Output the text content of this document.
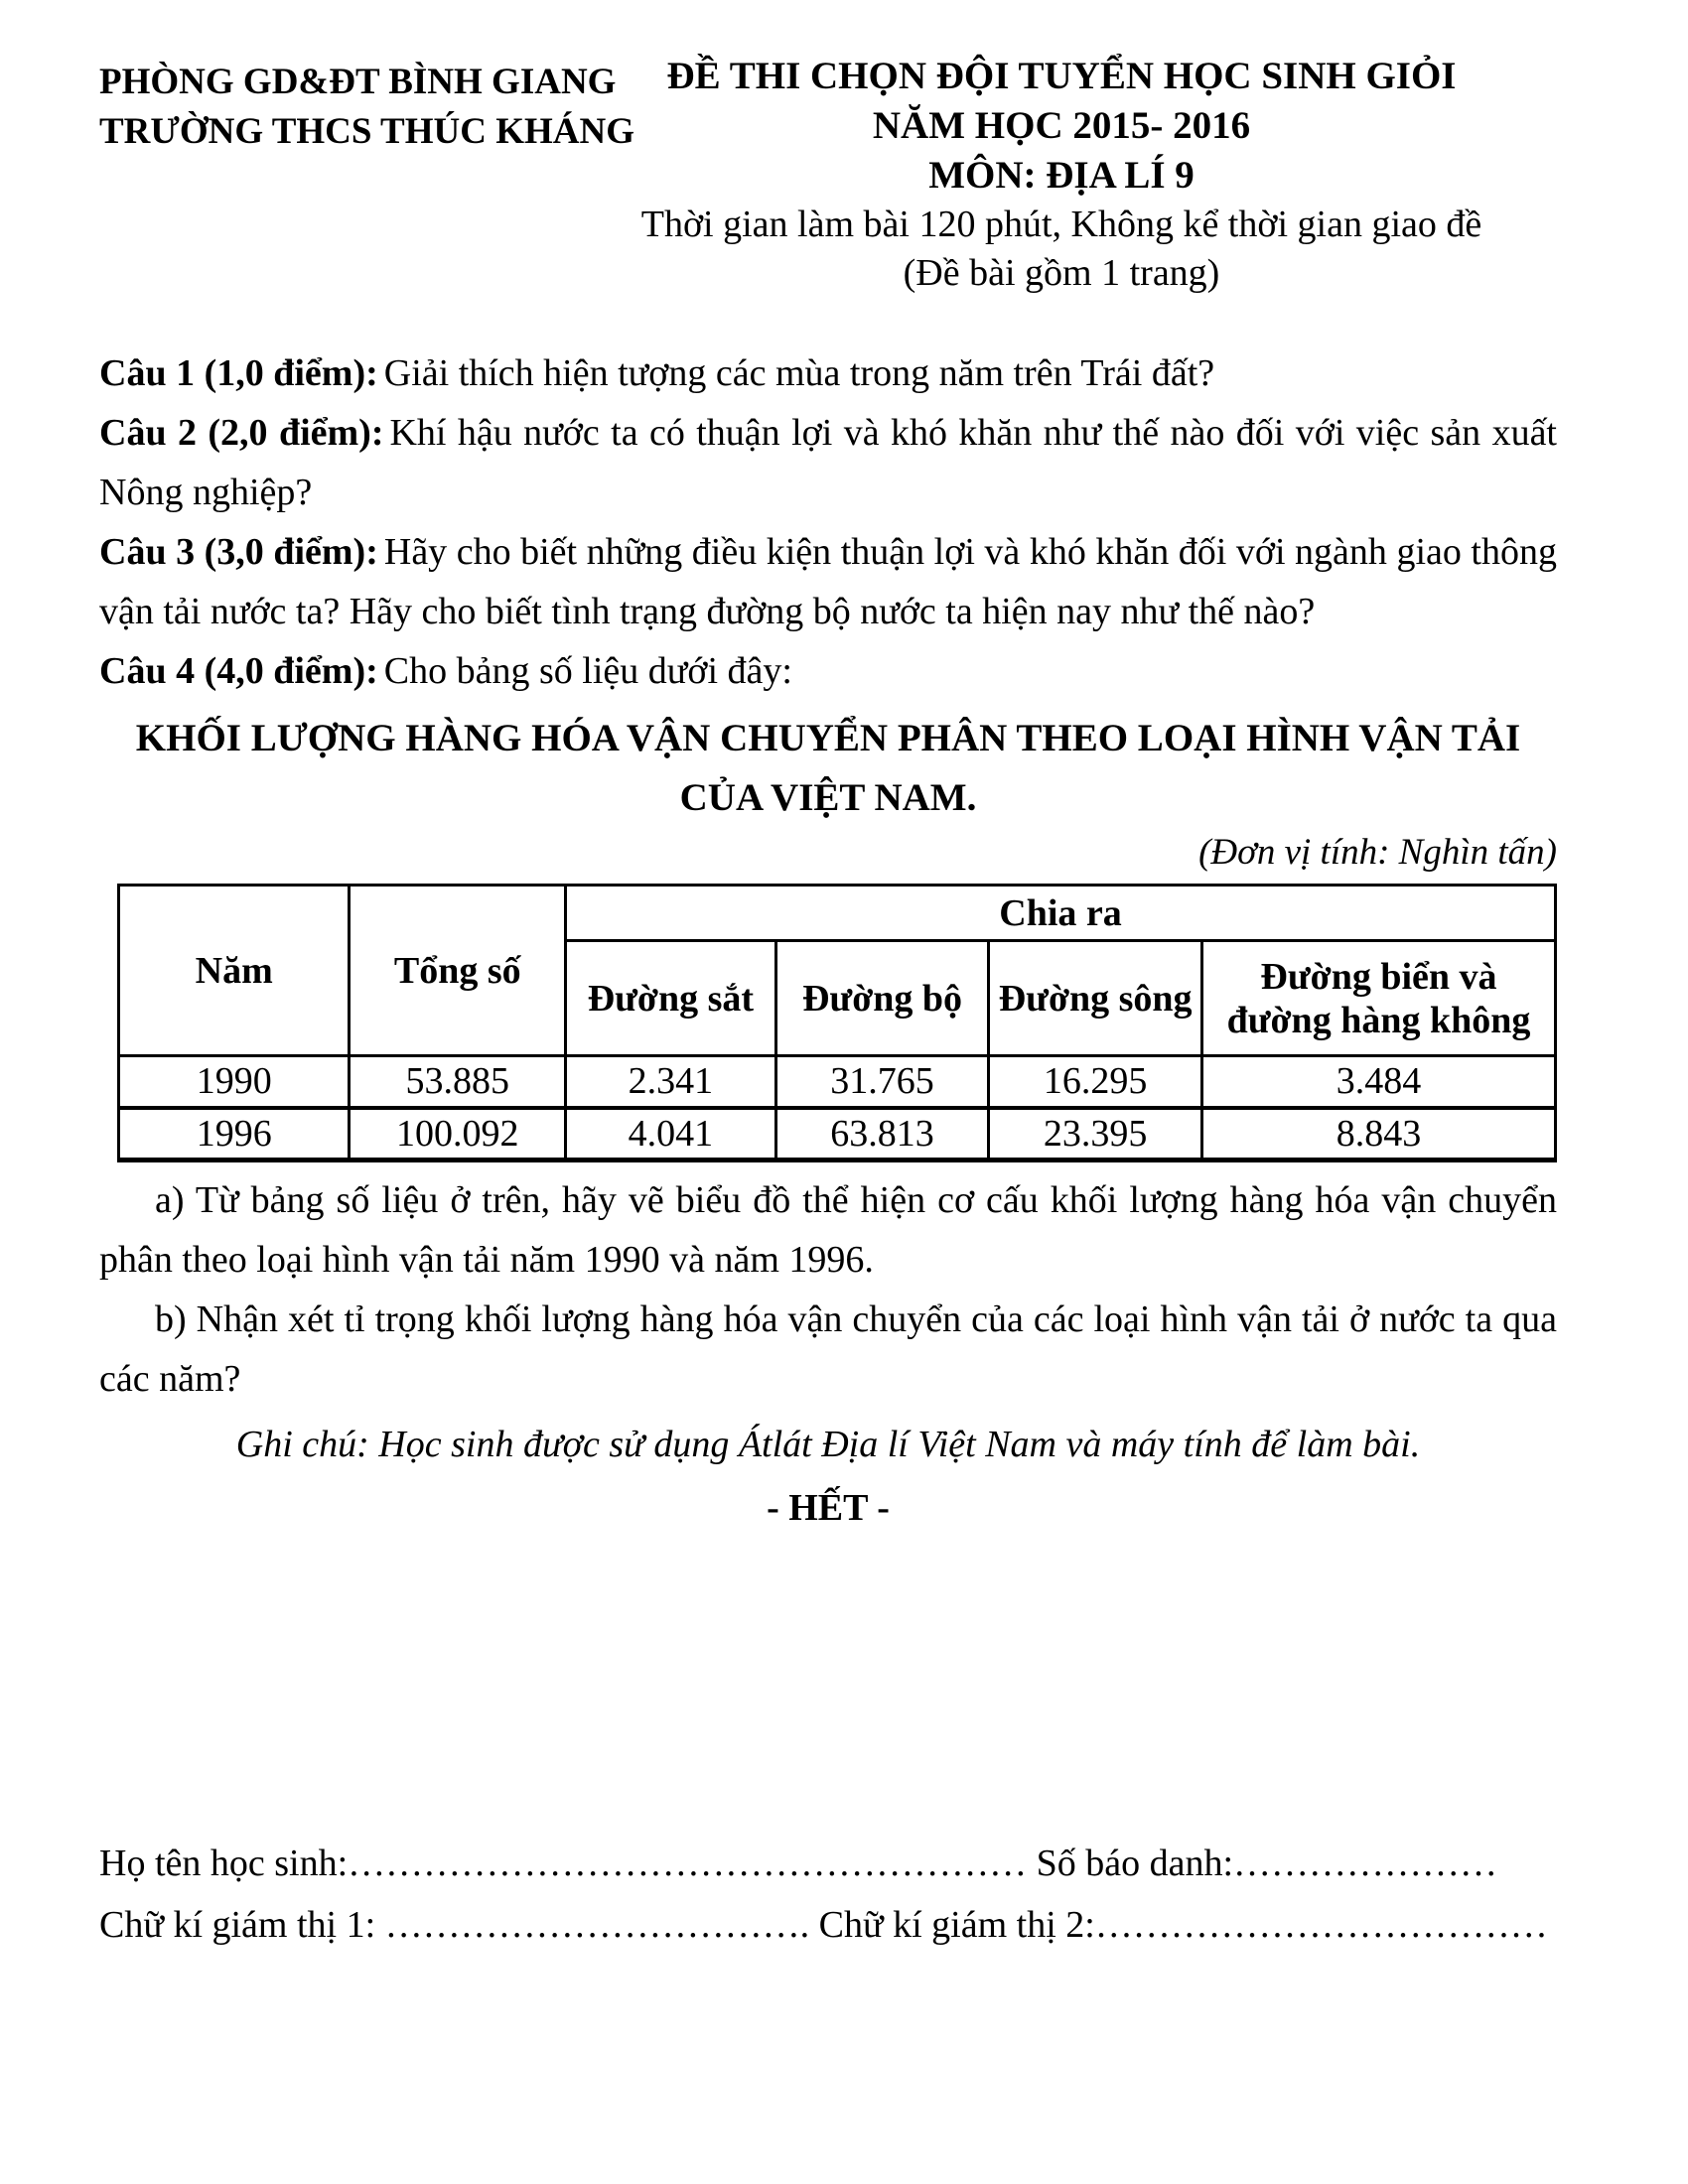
PHÒNG GD&ĐT BÌNH GIANG
TRƯỜNG THCS THÚC KHÁNG
ĐỀ THI CHỌN ĐỘI TUYỂN HỌC SINH GIỎI
NĂM HỌC 2015- 2016
MÔN: ĐỊA LÍ 9
Thời gian làm bài 120 phút, Không kể thời gian giao đề
(Đề bài gồm 1 trang)

Câu 1 (1,0 điểm): Giải thích hiện tượng các mùa trong năm trên Trái đất?

Câu 2 (2,0 điểm): Khí hậu nước ta có thuận lợi và khó khăn như thế nào đối với việc sản xuất Nông nghiệp?

Câu 3 (3,0 điểm): Hãy cho biết những điều kiện thuận lợi và khó khăn đối với ngành giao thông vận tải nước ta? Hãy cho biết tình trạng đường bộ nước ta hiện nay như thế nào?

Câu 4 (4,0 điểm): Cho bảng số liệu dưới đây:

KHỐI LƯỢNG HÀNG HÓA VẬN CHUYỂN PHÂN THEO LOẠI HÌNH VẬN TẢI
CỦA VIỆT NAM.
(Đơn vị tính: Nghìn tấn)
Năm	Tổng số	Chia ra			
		Đường sắt	Đường bộ	Đường sông	Đường biển và đường hàng không
1990	53.885	2.341	31.765	16.295	3.484
1996	100.092	4.041	63.813	23.395	8.843

a) Từ bảng số liệu ở trên, hãy vẽ biểu đồ thể hiện cơ cấu khối lượng hàng hóa vận chuyển phân theo loại hình vận tải năm 1990 và năm 1996.

b) Nhận xét tỉ trọng khối lượng hàng hóa vận chuyển của các loại hình vận tải ở nước ta qua các năm?

Ghi chú: Học sinh được sử dụng Átlát Địa lí Việt Nam và máy tính để làm bài.
- HẾT -

Họ tên học sinh:……………………………………………… Số báo danh:…………………

Chữ kí giám thị 1: ……………………………. Chữ kí giám thị 2:………………………………
